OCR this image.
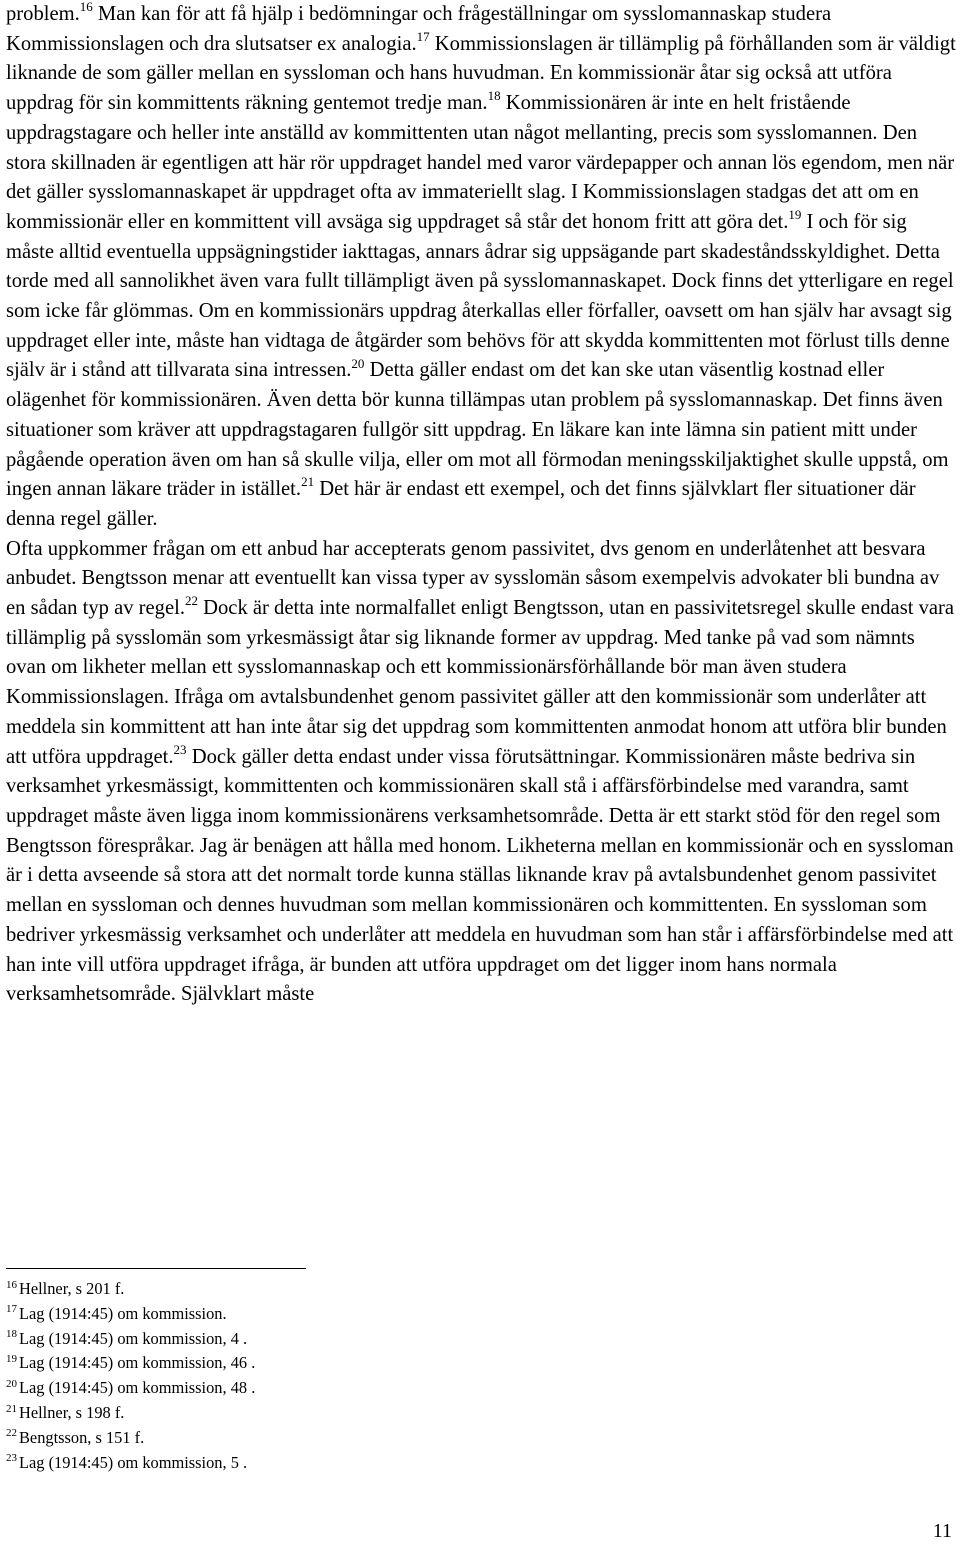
problem.$^{16}$ Man kan för att få hjälp i bedömningar och frågeställningar om sysslomannaskap studera Kommissionslagen och dra slutsatser ex analogia.$^{17}$ Kommissionslagen är tillämplig på förhållanden som är väldigt liknande de som gäller mellan en syssloman och hans huvudman. En kommissionär åtar sig också att utföra uppdrag för sin kommittents räkning gentemot tredje man.$^{18}$ Kommissionären är inte en helt fristående uppdragstagare och heller inte anställd av kommittenten utan något mellanting, precis som sysslomannen. Den stora skillnaden är egentligen att här rör uppdraget handel med varor värdepapper och annan lös egendom, men när det gäller sysslomannaskapet är uppdraget ofta av immateriellt slag. I Kommissionslagen stadgas det att om en kommissionär eller en kommittent vill avsäga sig uppdraget så står det honom fritt att göra det.$^{19}$ I och för sig måste alltid eventuella uppsägningstider iakttagas, annars ådrar sig uppsägande part skadeståndsskyldighet. Detta torde med all sannolikhet även vara fullt tillämpligt även på sysslomannaskapet. Dock finns det ytterligare en regel som icke får glömmas. Om en kommissionärs uppdrag återkallas eller förfaller, oavsett om han själv har avsagt sig uppdraget eller inte, måste han vidtaga de åtgärder som behövs för att skydda kommittenten mot förlust tills denne själv är i stånd att tillvarata sina intressen.$^{20}$ Detta gäller endast om det kan ske utan väsentlig kostnad eller olägenhet för kommissionären. Även detta bör kunna tillämpas utan problem på sysslomannaskap. Det finns även situationer som kräver att uppdragstagaren fullgör sitt uppdrag. En läkare kan inte lämna sin patient mitt under pågående operation även om han så skulle vilja, eller om mot all förmodan meningsskiljaktighet skulle uppstå, om ingen annan läkare träder in istället.$^{21}$ Det här är endast ett exempel, och det finns självklart fler situationer där denna regel gäller.

Ofta uppkommer frågan om ett anbud har accepterats genom passivitet, dvs genom en underlåtenhet att besvara anbudet. Bengtsson menar att eventuellt kan vissa typer av sysslomän såsom exempelvis advokater bli bundna av en sådan typ av regel.$^{22}$ Dock är detta inte normalfallet enligt Bengtsson, utan en passivitetsregel skulle endast vara tillämplig på sysslomän som yrkesmässigt åtar sig liknande former av uppdrag. Med tanke på vad som nämnts ovan om likheter mellan ett sysslomannaskap och ett kommissionärsförhållande bör man även studera Kommissionslagen. Ifråga om avtalsbundenhet genom passivitet gäller att den kommissionär som underlåter att meddela sin kommittent att han inte åtar sig det uppdrag som kommittenten anmodat honom att utföra blir bunden att utföra uppdraget.$^{23}$ Dock gäller detta endast under vissa förutsättningar. Kommissionären måste bedriva sin verksamhet yrkesmässigt, kommittenten och kommissionären skall stå i affärsförbindelse med varandra, samt uppdraget måste även ligga inom kommissionärens verksamhetsområde. Detta är ett starkt stöd för den regel som Bengtsson förespråkar. Jag är benägen att hålla med honom. Likheterna mellan en kommissionär och en syssloman är i detta avseende så stora att det normalt torde kunna ställas liknande krav på avtalsbundenhet genom passivitet mellan en syssloman och dennes huvudman som mellan kommissionären och kommittenten. En syssloman som bedriver yrkesmässig verksamhet och underlåter att meddela en huvudman som han står i affärsförbindelse med att han inte vill utföra uppdraget ifråga, är bunden att utföra uppdraget om det ligger inom hans normala verksamhetsområde. Självklart måste

$^{16}$ Hellner, s 201 f.
$^{17}$ Lag (1914:45) om kommission.
$^{18}$ Lag (1914:45) om kommission, 4 .
$^{19}$ Lag (1914:45) om kommission, 46 .
$^{20}$ Lag (1914:45) om kommission, 48 .
$^{21}$ Hellner, s 198 f.
$^{22}$ Bengtsson, s 151 f.
$^{23}$ Lag (1914:45) om kommission, 5 .
11
